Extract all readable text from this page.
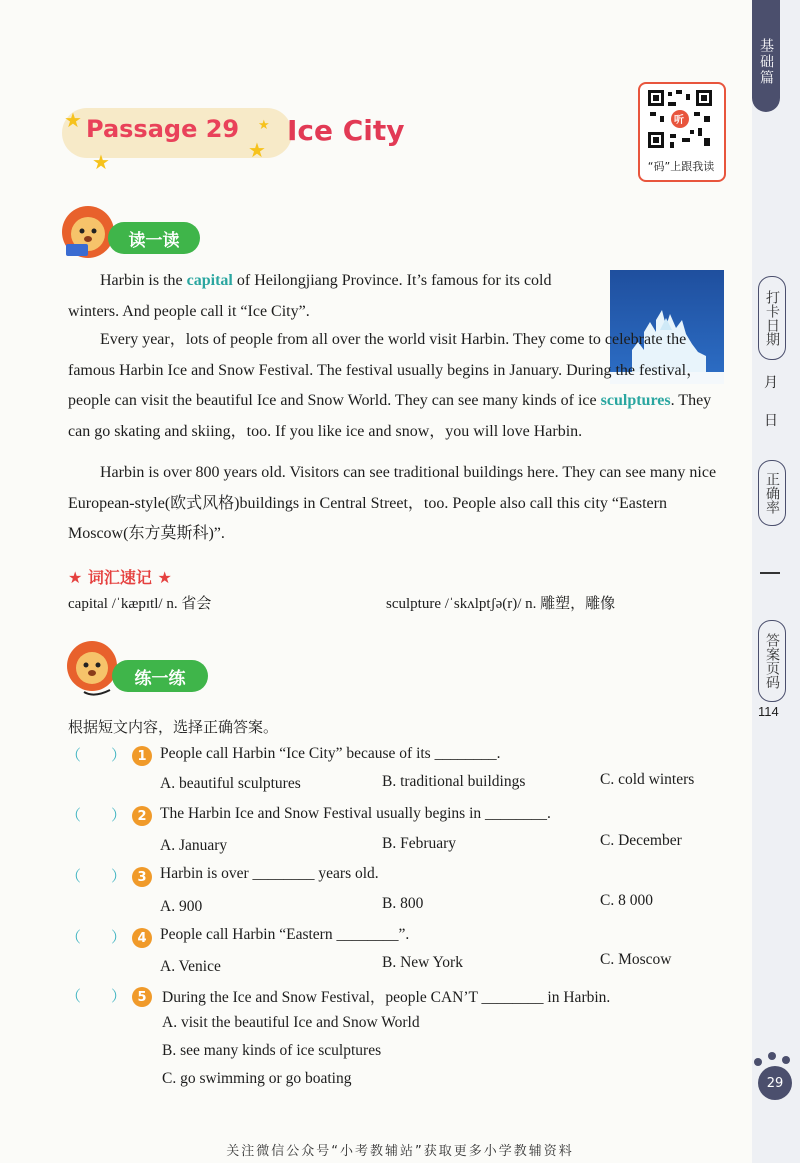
基础篇
打卡日期
月
日
正确率
答案页码
114
★
★	★
★
Passage 29 Ice City	听
“码”上跟我读
读一读

Harbin is the capital of Heilongjiang Province. It’s famous for its cold winters. And people call it “Ice City”.

Every year，lots of people from all over the world visit Harbin. They come to celebrate the famous Harbin Ice and Snow Festival. The festival usually begins in January. During the festival，people can visit the beautiful Ice and Snow World. They can see many kinds of ice sculptures. They can go skating and skiing，too. If you like ice and snow，you will love Harbin.

Harbin is over 800 years old. Visitors can see traditional buildings here. They can see many nice European-style(欧式风格)buildings in Central Street，too. People also call this city “Eastern Moscow(东方莫斯科)”.

★ 词汇速记 ★
capital /ˈkæpɪtl/ n. 省会	sculpture /ˈskʌlptʃə(r)/ n. 雕塑，雕像
练一练
根据短文内容，选择正确答案。
（　　） 1 People call Harbin “Ice City” because of its ________.
A. beautiful sculptures	B. traditional buildings	C. cold winters
（　　） 2 The Harbin Ice and Snow Festival usually begins in ________.
A. January	B. February	C. December
（　　） 3 Harbin is over ________ years old.
A. 900	B. 800	C. 8 000
（　　） 4 People call Harbin “Eastern ________”.
A. Venice	B. New York	C. Moscow
（　　） 5 During the Ice and Snow Festival，people CAN’T ________ in Harbin.
A. visit the beautiful Ice and Snow World
B. see many kinds of ice sculptures
C. go swimming or go boating	29
关注微信公众号“小考教辅站”获取更多小学教辅资料
